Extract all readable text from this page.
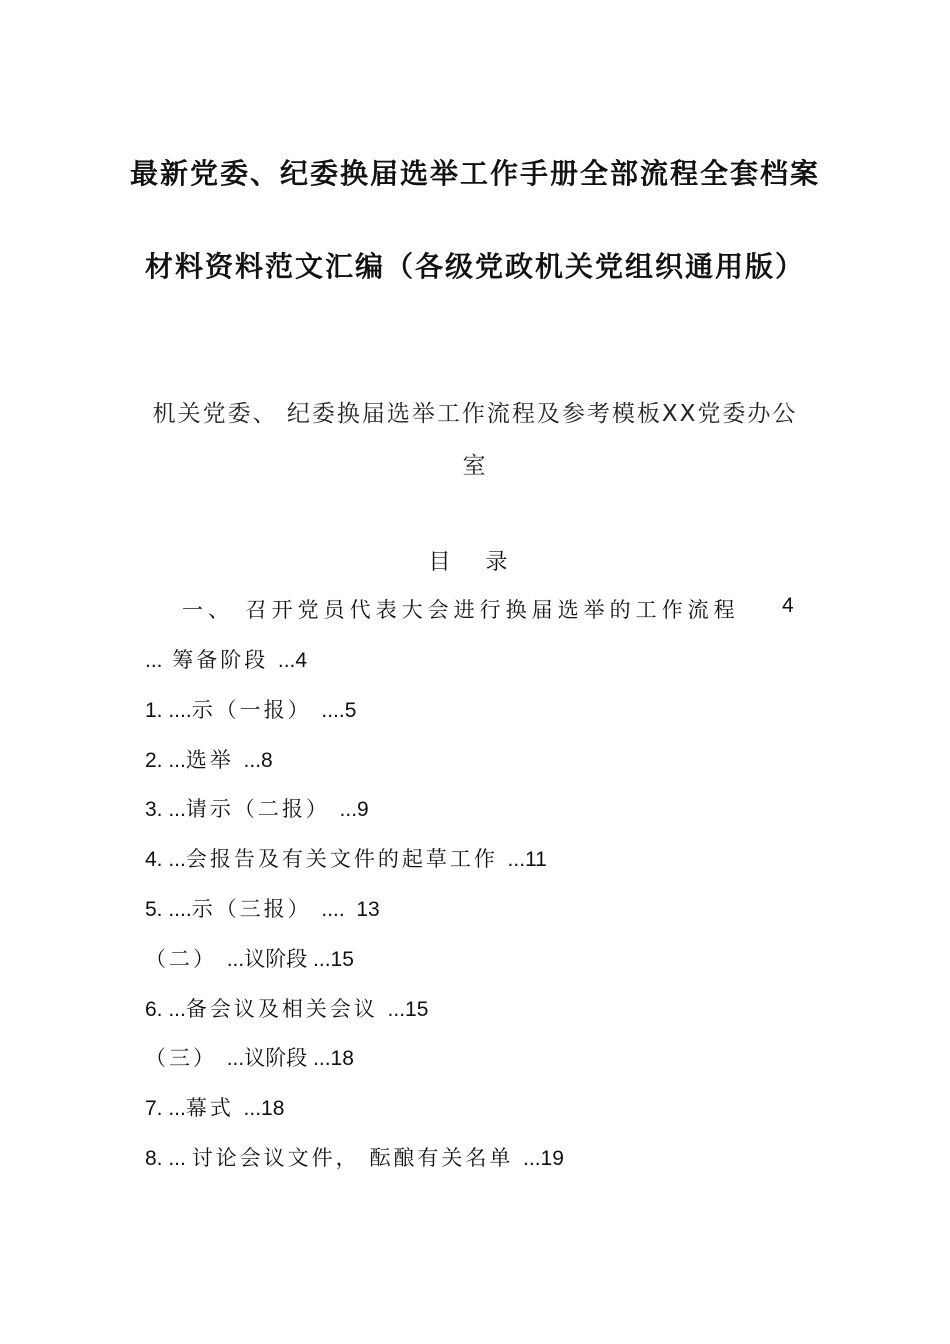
最新党委、纪委换届选举工作手册全部流程全套档案
材料资料范文汇编（各级党政机关党组织通用版）
机关党委、 纪委换届选举工作流程及参考模板XX党委办公
室
目 录
一、 召开党员代表大会进行换届选举的工作流程 4
... 筹备阶段 ...4
1. ....示（一报） ....5
2. ...选举 ...8
3. ...请示（二报） ...9
4. ...会报告及有关文件的起草工作 ...11
5. ....示（三报） ....  13
（二） ...议阶段 ...15
6. ...备会议及相关会议 ...15
（三） ...议阶段 ...18
7. ...幕式 ...18
8. ... 讨论会议文件， 酝酿有关名单 ...19
